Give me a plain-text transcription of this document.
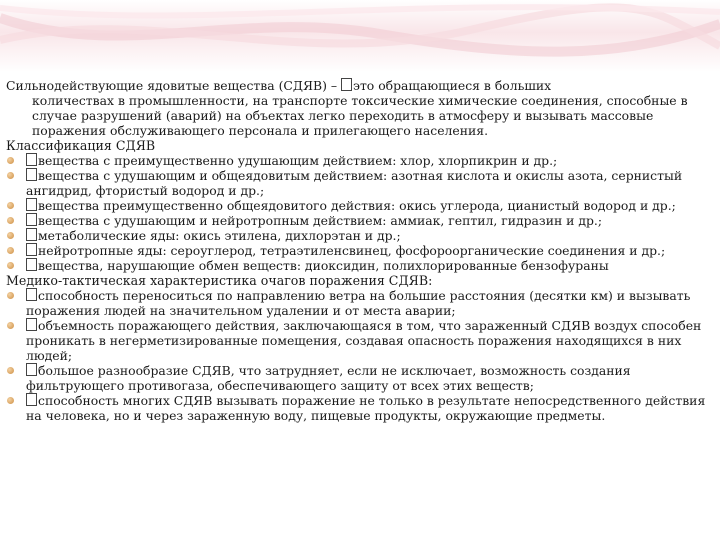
Сильнодействующие ядовитые вещества (СДЯВ) – это обращающиеся в больших
количествах в промышленности, на транспорте токсические химические соединения, способные в случае разрушений (аварий) на объектах легко переходить в атмосферу и вызывать массовые поражения обслуживающего персонала и прилегающего населения.

Классификация СДЯВ

вещества с преимущественно удушающим действием: хлор, хлорпикрин и др.;
вещества с удушающим и общеядовитым действием: азотная кислота и окислы азота, сернистый ангидрид, фтористый водород и др.;
вещества преимущественно общеядовитого действия: окись углерода, цианистый водород и др.;
вещества с удушающим и нейротропным действием: аммиак, гептил, гидразин и др.;
метаболические яды: окись этилена, дихлорэтан и др.;
нейротропные яды: сероуглерод, тетраэтиленсвинец, фосфороорганические соединения и др.;
вещества, нарушающие обмен веществ: диоксидин, полихлорированные бензофураны

Медико-тактическая характеристика очагов поражения СДЯВ:

способность переноситься по направлению ветра на большие расстояния (десятки км) и вызывать поражения людей на значительном удалении и от места аварии;
объемность поражающего действия, заключающаяся в том, что зараженный СДЯВ воздух способен проникать в негерметизированные помещения, создавая опасность поражения находящихся в них людей;
большое разнообразие СДЯВ, что затрудняет, если не исключает, возможность создания фильтрующего противогаза, обеспечивающего защиту от всех этих веществ;
способность многих СДЯВ вызывать поражение не только в результате непосредственного действия на человека, но и через зараженную воду, пищевые продукты, окружающие предметы.
